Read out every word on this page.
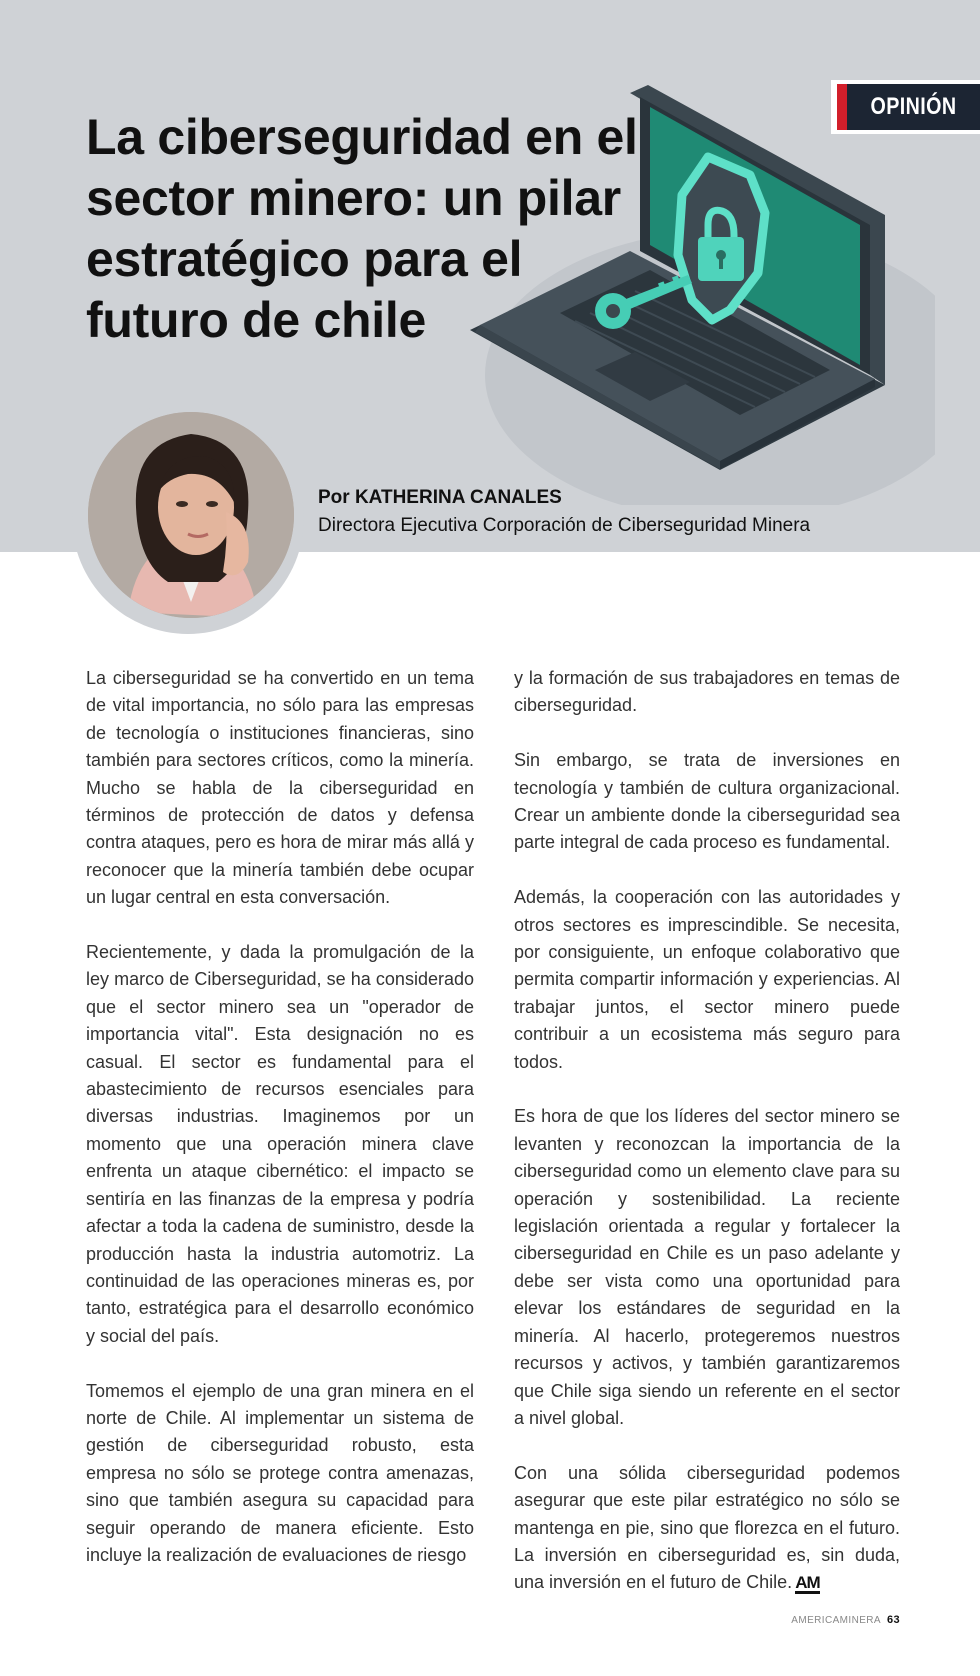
OPINIÓN
La ciberseguridad en el sector minero: un pilar estratégico para el futuro de chile
Por KATHERINA CANALES
Directora Ejecutiva Corporación de Ciberseguridad Minera

La ciberseguridad se ha convertido en un tema de vital importancia, no sólo para las empresas de tecnología o instituciones financieras, sino también para sectores críticos, como la minería. Mucho se habla de la ciberseguridad en términos de protección de datos y defensa contra ataques, pero es hora de mirar más allá y reconocer que la minería también debe ocupar un lugar central en esta conversación.

Recientemente, y dada la promulgación de la ley marco de Ciberseguridad, se ha considerado que el sector minero sea un "operador de importancia vital". Esta designación no es casual. El sector es fundamental para el abastecimiento de recursos esenciales para diversas industrias. Imaginemos por un momento que una operación minera clave enfrenta un ataque cibernético: el impacto se sentiría en las finanzas de la empresa y podría afectar a toda la cadena de suministro, desde la producción hasta la industria automotriz. La continuidad de las operaciones mineras es, por tanto, estratégica para el desarrollo económico y social del país.

Tomemos el ejemplo de una gran minera en el norte de Chile. Al implementar un sistema de gestión de ciberseguridad robusto, esta empresa no sólo se protege contra amenazas, sino que también asegura su capacidad para seguir operando de manera eficiente. Esto incluye la realización de evaluaciones de riesgo

y la formación de sus trabajadores en temas de ciberseguridad.

Sin embargo, se trata de inversiones en tecnología y también de cultura organizacional. Crear un ambiente donde la ciberseguridad sea parte integral de cada proceso es fundamental.

Además, la cooperación con las autoridades y otros sectores es imprescindible. Se necesita, por consiguiente, un enfoque colaborativo que permita compartir información y experiencias. Al trabajar juntos, el sector minero puede contribuir a un ecosistema más seguro para todos.

Es hora de que los líderes del sector minero se levanten y reconozcan la importancia de la ciberseguridad como un elemento clave para su operación y sostenibilidad. La reciente legislación orientada a regular y fortalecer la ciberseguridad en Chile es un paso adelante y debe ser vista como una oportunidad para elevar los estándares de seguridad en la minería. Al hacerlo, protegeremos nuestros recursos y activos, y también garantizaremos que Chile siga siendo un referente en el sector a nivel global.

Con una sólida ciberseguridad podemos asegurar que este pilar estratégico no sólo se mantenga en pie, sino que florezca en el futuro. La inversión en ciberseguridad es, sin duda, una inversión en el futuro de Chile. AM

AMERICAMINERA 63
